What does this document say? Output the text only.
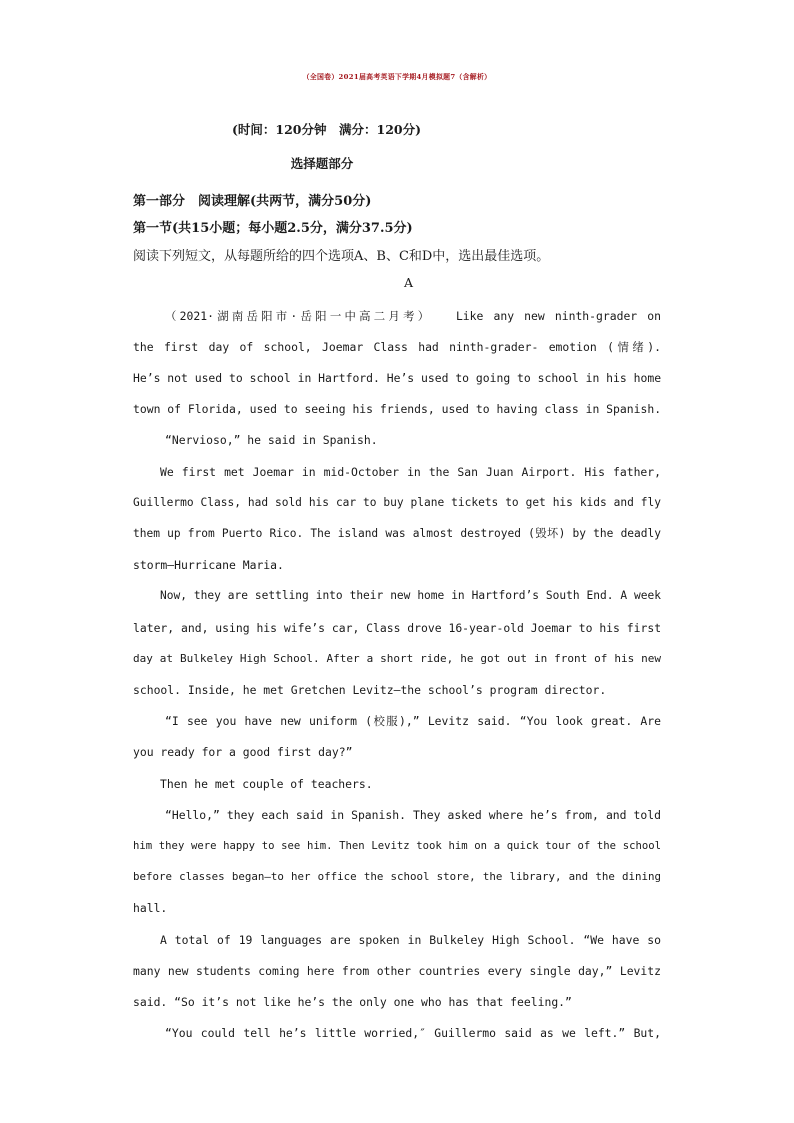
（全国卷）2021届高考英语下学期4月模拟题7（含解析）
(时间：120分钟　满分：120分)
选择题部分
第一部分　阅读理解(共两节，满分50分)
第一节(共15小题；每小题2.5分，满分37.5分)
阅读下列短文，从每题所给的四个选项A、B、C和D中，选出最佳选项。
A
（2021·湖南岳阳市·岳阳一中高二月考）　　Like any new ninth-grader on
the first day of school, Joemar Class had ninth-grader- emotion (情绪).
He’s not used to school in Hartford. He’s used to going to school in his home
town of Florida, used to seeing his friends, used to having class in Spanish.
“Nervioso,” he said in Spanish.
We first met Joemar in mid-October in the San Juan Airport. His father,
Guillermo Class, had sold his car to buy plane tickets to get his kids and fly
them up from Puerto Rico. The island was almost destroyed (毁坏) by the deadly
storm—Hurricane Maria.
Now, they are settling into their new home in Hartford’s South End. A week
later, and, using his wife’s car, Class drove 16-year-old Joemar to his first
day at Bulkeley High School. After a short ride, he got out in front of his new
school. Inside, he met Gretchen Levitz—the school’s program director.
“I see you have new uniform (校服),” Levitz said. “You look great. Are
you ready for a good first day?”
Then he met couple of teachers.
“Hello,” they each said in Spanish. They asked where he’s from, and told
him they were happy to see him. Then Levitz took him on a quick tour of the school
before classes began—to her office the school store, the library, and the dining
hall.
A total of 19 languages are spoken in Bulkeley High School. “We have so
many new students coming here from other countries every single day,” Levitz
said. “So it’s not like he’s the only one who has that feeling.”
“You could tell he’s little worried,″ Guillermo said as we left.” But,
